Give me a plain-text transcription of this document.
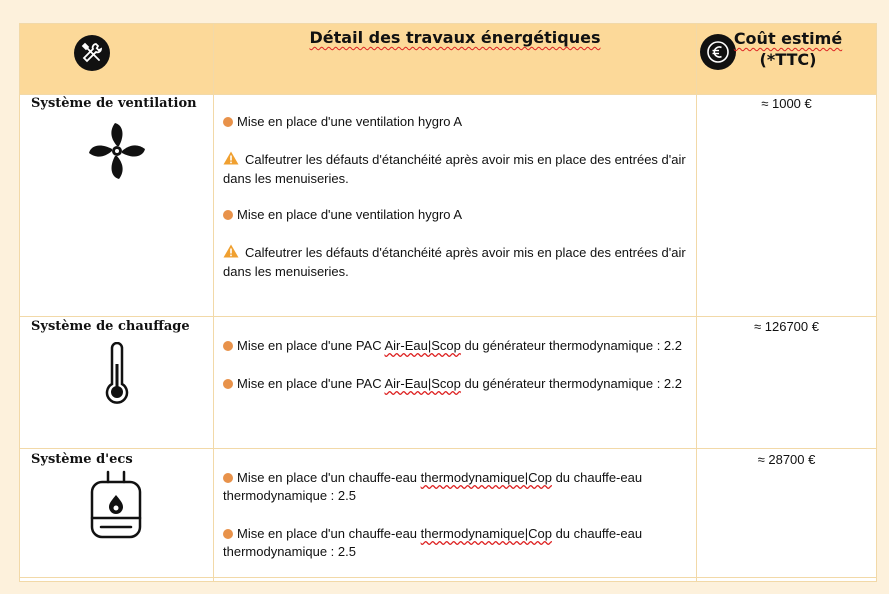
Détail des travaux énergétiques	Coût estimé
(*TTC)
Système de ventilation

Mise en place d'une ventilation hygro A

Calfeutrer les défauts d'étanchéité après avoir mis en place des entrées d'air dans les menuiseries.

Mise en place d'une ventilation hygro A

Calfeutrer les défauts d'étanchéité après avoir mis en place des entrées d'air dans les menuiseries.

≈ 1000 €
Système de chauffage

Mise en place d'une PAC Air-Eau|Scop du générateur thermodynamique : 2.2

Mise en place d'une PAC Air-Eau|Scop du générateur thermodynamique : 2.2

≈ 126700 €
Système d'ecs

Mise en place d'un chauffe-eau thermodynamique|Cop du chauffe-eau thermodynamique : 2.5

Mise en place d'un chauffe-eau thermodynamique|Cop du chauffe-eau thermodynamique : 2.5

≈ 28700 €
